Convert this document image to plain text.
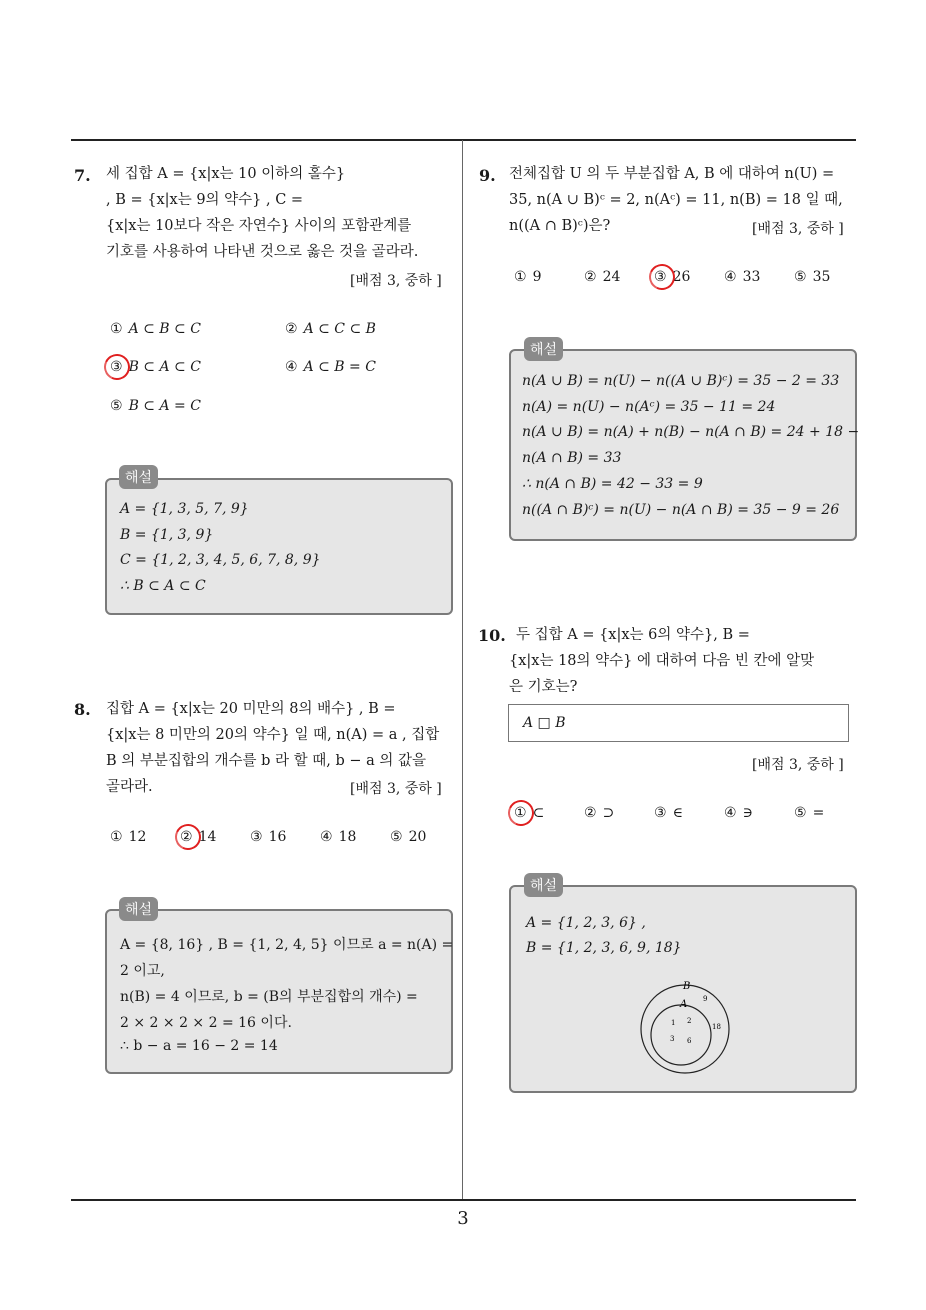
3
7. 세 집합 A = {x|x는 10 이하의 홀수}
, B = {x|x는 9의 약수} , C =
{x|x는 10보다 작은 자연수} 사이의 포함관계를
기호를 사용하여 나타낸 것으로 옳은 것을 골라라.
[배점 3, 중하 ]
① A ⊂ B ⊂ C	② A ⊂ C ⊂ B
③ B ⊂ A ⊂ C	④ A ⊂ B = C
⑤ B ⊂ A = C
A = {1, 3, 5, 7, 9}
B = {1, 3, 9}
C = {1, 2, 3, 4, 5, 6, 7, 8, 9}
∴ B ⊂ A ⊂ C
해설
8. 집합 A = {x|x는 20 미만의 8의 배수} , B =
{x|x는 8 미만의 20의 약수} 일 때, n(A) = a , 집합
B 의 부분집합의 개수를 b 라 할 때, b − a 의 값을
골라라.	[배점 3, 중하 ]
① 12 ② 14 ③ 16 ④ 18 ⑤ 20
A = {8, 16} , B = {1, 2, 4, 5} 이므로 a = n(A) =
2 이고,
n(B) = 4 이므로, b = (B의 부분집합의 개수) =
2 × 2 × 2 × 2 = 16 이다.
∴ b − a = 16 − 2 = 14
해설
9. 전체집합 U 의 두 부분집합 A, B 에 대하여 n(U) =
35, n(A ∪ B)ᶜ = 2, n(Aᶜ) = 11, n(B) = 18 일 때,
n((A ∩ B)ᶜ)은?	[배점 3, 중하 ]
① 9	② 24 ③ 26 ④ 33 ⑤ 35
n(A ∪ B) = n(U) − n((A ∪ B)ᶜ) = 35 − 2 = 33
n(A) = n(U) − n(Aᶜ) = 35 − 11 = 24
n(A ∪ B) = n(A) + n(B) − n(A ∩ B) = 24 + 18 −
n(A ∩ B) = 33
∴ n(A ∩ B) = 42 − 33 = 9
n((A ∩ B)ᶜ) = n(U) − n(A ∩ B) = 35 − 9 = 26
해설
10. 두 집합 A = {x|x는 6의 약수}, B =
{x|x는 18의 약수} 에 대하여 다음 빈 칸에 알맞
은 기호는?
A □ B
[배점 3, 중하 ]
① ⊂	② ⊃	③ ∈	④ ∋	⑤ =
A = {1, 2, 3, 6} ,
B = {1, 2, 3, 6, 9, 18}
B
A
1 2
3 6
9
18
해설
